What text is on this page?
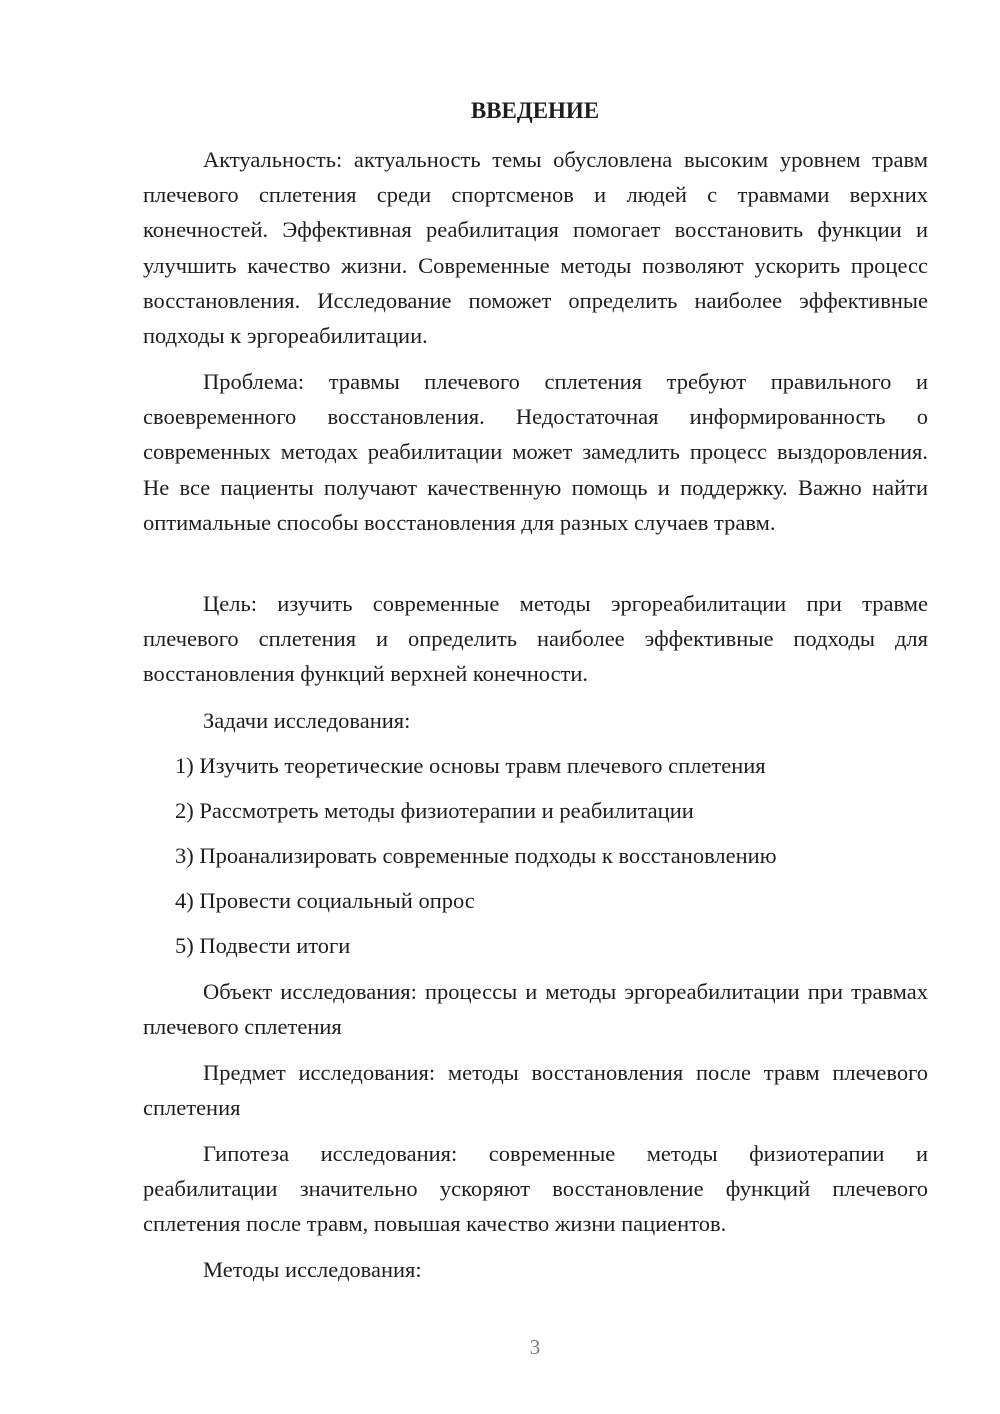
ВВЕДЕНИЕ

Актуальность: актуальность темы обусловлена высоким уровнем травм плечевого сплетения среди спортсменов и людей с травмами верхних конечностей. Эффективная реабилитация помогает восстановить функции и улучшить качество жизни. Современные методы позволяют ускорить процесс восстановления. Исследование поможет определить наиболее эффективные подходы к эргореабилитации.

Проблема: травмы плечевого сплетения требуют правильного и своевременного восстановления. Недостаточная информированность о современных методах реабилитации может замедлить процесс выздоровления. Не все пациенты получают качественную помощь и поддержку. Важно найти оптимальные способы восстановления для разных случаев травм.

Цель: изучить современные методы эргореабилитации при травме плечевого сплетения и определить наиболее эффективные подходы для восстановления функций верхней конечности.

Задачи исследования:

1) Изучить теоретические основы травм плечевого сплетения

2) Рассмотреть методы физиотерапии и реабилитации

3) Проанализировать современные подходы к восстановлению

4) Провести социальный опрос

5) Подвести итоги

Объект исследования: процессы и методы эргореабилитации при травмах плечевого сплетения

Предмет исследования: методы восстановления после травм плечевого сплетения

Гипотеза исследования: современные методы физиотерапии и реабилитации значительно ускоряют восстановление функций плечевого сплетения после травм, повышая качество жизни пациентов.

Методы исследования:

3
